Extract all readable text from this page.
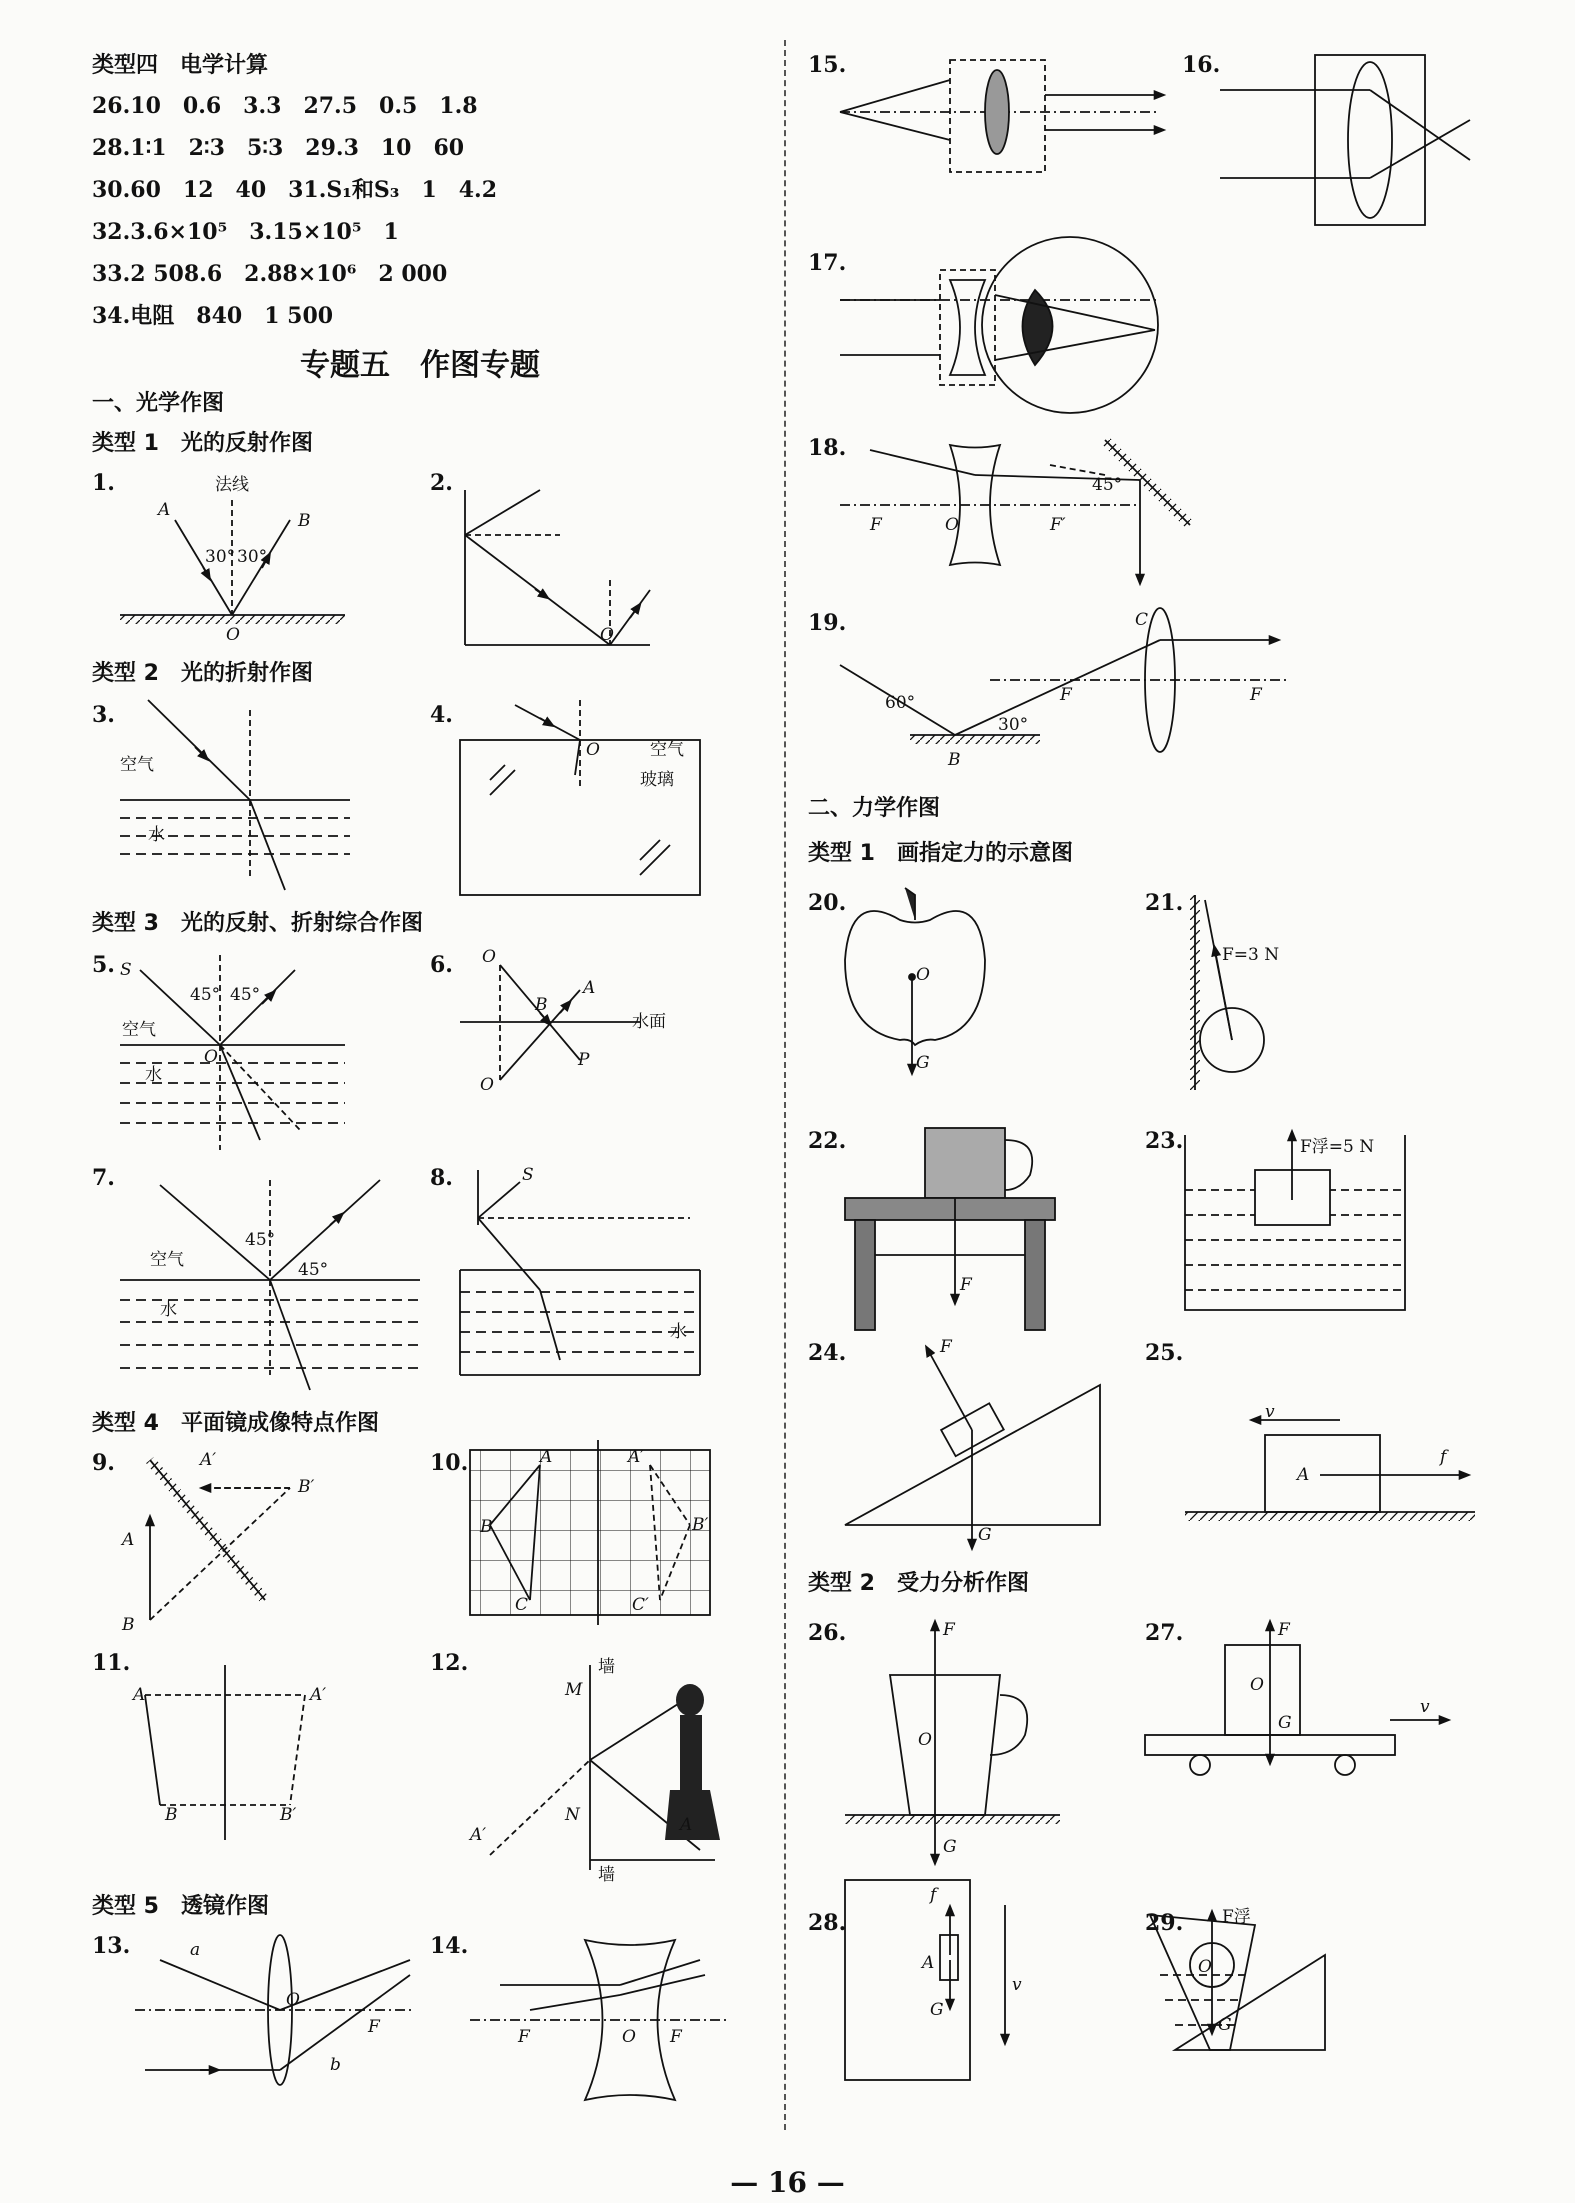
类型四　电学计算
26.10　0.6　3.3　27.5　0.5　1.8
28.1∶1　2∶3　5∶3　29.3　10　60
30.60　12　40　31.S₁和S₃　1　4.2
32.3.6×10⁵　3.15×10⁵　1
33.2 508.6　2.88×10⁶　2 000
34.电阻　840　1 500
专题五　作图专题
一、光学作图
类型 1　光的反射作图
类型 2　光的折射作图
类型 3　光的反射、折射综合作图
类型 4　平面镜成像特点作图
类型 5　透镜作图
二、力学作图
类型 1　画指定力的示意图
类型 2　受力分析作图
1.	2.
3.	4.
5.	6.
7.	8.
9.	10.
11.	12.
13.	14.
15.	16.
17.
18.
19.
20.	21.
22.	23.
24.	25.
26.	27.
28.	29.
法线
A
B
30° 30°
O	O
空气
水
O	空气
玻璃
S
45° 45°
空气
O
水
O
B
A
水面
P
O
45°
45°
空气
水
S
水
A′
B′
A
B
A
B
C
A′
B′
C′
A	A′
B	B′
墙
M
N
A′	A
墙
a
O
F
b
F	O F
F	O	F′
45°
C
60°
30°
F	F
B
O
G
F=3 N
F
F浮=5 N
F
G
v
A
f
F
O
G
F
O
G
v
f
A
G
v
F浮
O
G
— 16 —
